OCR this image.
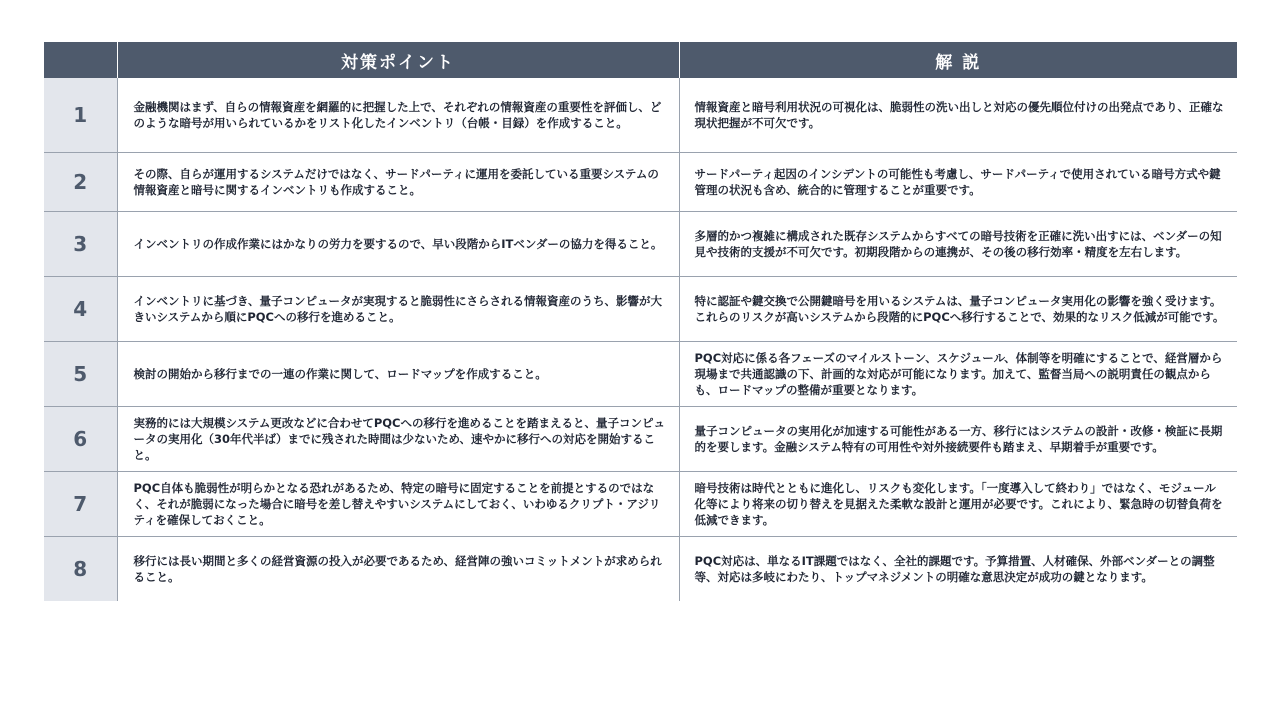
	対策ポイント	解 説
1	金融機関はまず、自らの情報資産を網羅的に把握した上で、それぞれの情報資産の重要性を評価し、どのような暗号が用いられているかをリスト化したインベントリ（台帳・目録）を作成すること。	情報資産と暗号利用状況の可視化は、脆弱性の洗い出しと対応の優先順位付けの出発点であり、正確な現状把握が不可欠です。
2	その際、自らが運用するシステムだけではなく、サードパーティに運用を委託している重要システムの情報資産と暗号に関するインベントリも作成すること。	サードパーティ起因のインシデントの可能性も考慮し、サードパーティで使用されている暗号方式や鍵管理の状況も含め、統合的に管理することが重要です。
3	インベントリの作成作業にはかなりの労力を要するので、早い段階からITベンダーの協力を得ること。	多層的かつ複雑に構成された既存システムからすべての暗号技術を正確に洗い出すには、ベンダーの知見や技術的支援が不可欠です。初期段階からの連携が、その後の移行効率・精度を左右します。
4	インベントリに基づき、量子コンピュータが実現すると脆弱性にさらされる情報資産のうち、影響が大きいシステムから順にPQCへの移行を進めること。	特に認証や鍵交換で公開鍵暗号を用いるシステムは、量子コンピュータ実用化の影響を強く受けます。これらのリスクが高いシステムから段階的にPQCへ移行することで、効果的なリスク低減が可能です。
5	検討の開始から移行までの一連の作業に関して、ロードマップを作成すること。	PQC対応に係る各フェーズのマイルストーン、スケジュール、体制等を明確にすることで、経営層から現場まで共通認識の下、計画的な対応が可能になります。加えて、監督当局への説明責任の観点からも、ロードマップの整備が重要となります。
6	実務的には大規模システム更改などに合わせてPQCへの移行を進めることを踏まえると、量子コンピュータの実用化（30年代半ば）までに残された時間は少ないため、速やかに移行への対応を開始すること。	量子コンピュータの実用化が加速する可能性がある一方、移行にはシステムの設計・改修・検証に長期的を要します。金融システム特有の可用性や対外接続要件も踏まえ、早期着手が重要です。
7	PQC自体も脆弱性が明らかとなる恐れがあるため、特定の暗号に固定することを前提とするのではなく、それが脆弱になった場合に暗号を差し替えやすいシステムにしておく、いわゆるクリプト・アジリティを確保しておくこと。	暗号技術は時代とともに進化し、リスクも変化します。「一度導入して終わり」ではなく、モジュール化等により将来の切り替えを見据えた柔軟な設計と運用が必要です。これにより、緊急時の切替負荷を低減できます。
8	移行には長い期間と多くの経営資源の投入が必要であるため、経営陣の強いコミットメントが求められること。	PQC対応は、単なるIT課題ではなく、全社的課題です。予算措置、人材確保、外部ベンダーとの調整等、対応は多岐にわたり、トップマネジメントの明確な意思決定が成功の鍵となります。
